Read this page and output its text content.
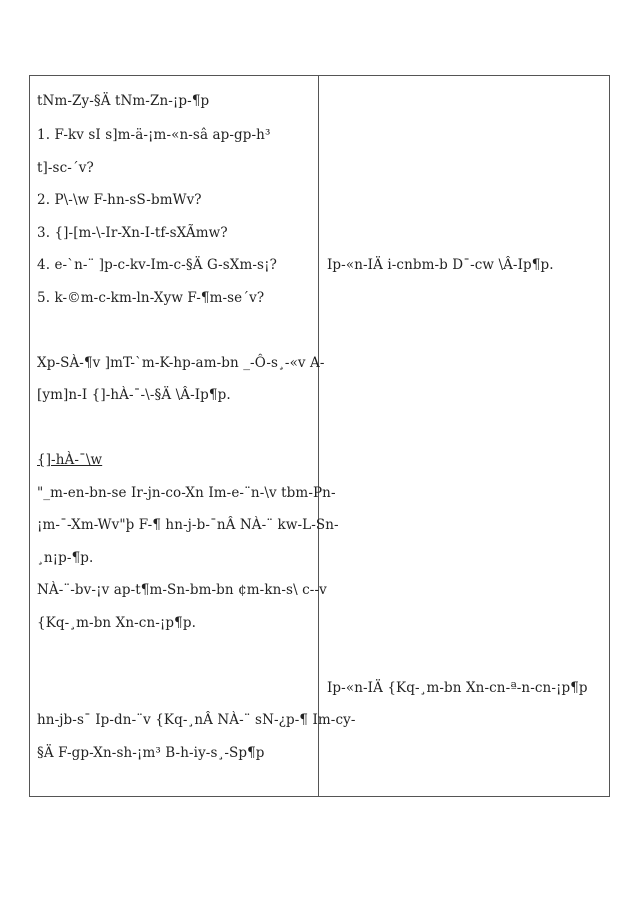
tNm-Zy-§Ä tNm-Zn-¡p-¶p
1. F-kv sI s]m-ä-¡m-«n-sâ ap-gp-h³
t]-sc-´v?
2. P\-\w F-hn-sS-bmWv?
3. {]-[m-\-Ir-Xn-I-tf-sXÃmw?
4. e-`n-¨ ]p-c-kv-Im-c-§Ä G-sXm-s¡?
5. k-©m-c-km-ln-Xyw F-¶m-se´v?
Xp-SÀ-¶v ]mT-`m-K-hp-am-bn _-Ô-s¸-«v A-
[ym]n-I {]-hÀ-¯-\-§Ä \Â-Ip¶p.
{]-hÀ-¯\w
"_m-en-bn-se Ir-jn-co-Xn Im-e-¨n-\v tbm-Pn-
¡m-¯-Xm-Wv"þ F-¶ hn-j-b-¯nÂ NÀ-¨ kw-L-Sn-
¸n¡p-¶p.
NÀ-¨-bv-¡v ap-t¶m-Sn-bm-bn ¢m-kn-s\ c--v
{Kq-¸m-bn Xn-cn-¡p¶p.
hn-jb-s¯ Ip-dn-¨v {Kq-¸nÂ NÀ-¨ sN-¿p-¶ Im-cy-
§Ä F-gp-Xn-sh-¡m³ B-h-iy-s¸-Sp¶p
Ip-«n-IÄ i-cnbm-b D¯-cw \Â-Ip¶p.
Ip-«n-IÄ {Kq-¸m-bn Xn-cn-ª-n-cn-¡p¶p
